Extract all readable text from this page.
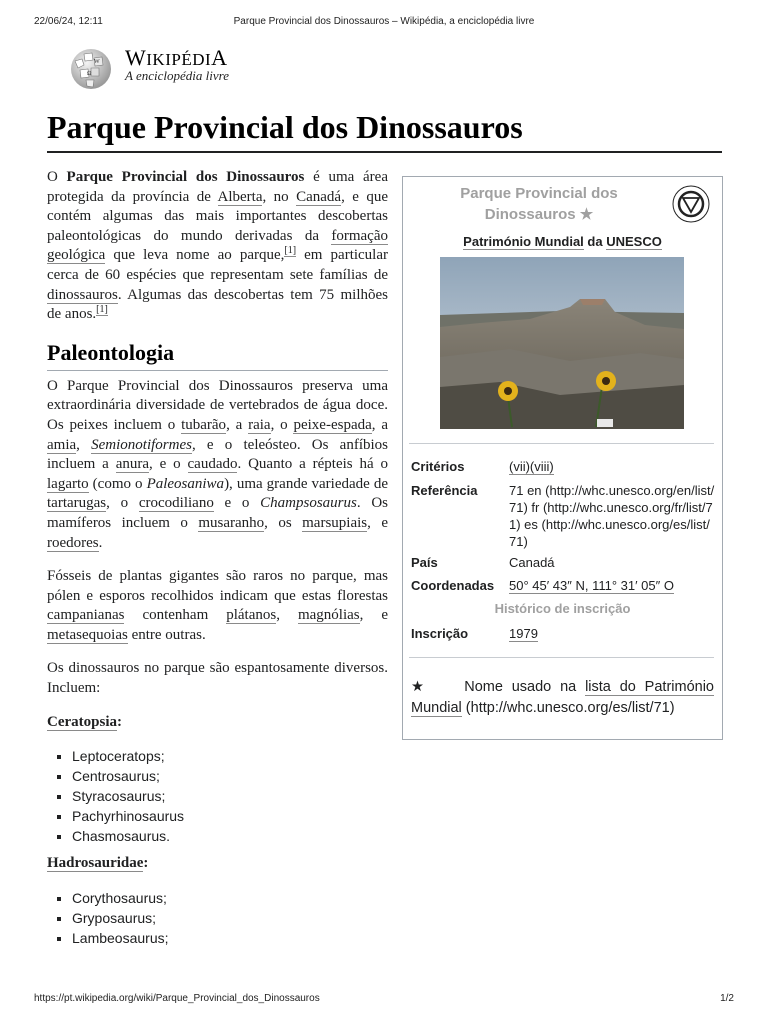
22/06/24, 12:11	Parque Provincial dos Dinossauros – Wikipédia, a enciclopédia livre
Ω
W WIKIPÉDIA
A enciclopédia livre
Parque Provincial dos Dinossauros

O Parque Provincial dos Dinossauros é uma área protegida da província de Alberta, no Canadá, e que contém algumas das mais importantes descobertas paleontológicas do mundo derivadas da formação geológica que leva nome ao parque,[1] em particular cerca de 60 espécies que representam sete famílias de dinossauros. Algumas das descobertas tem 75 milhões de anos.[1]

Paleontologia

O Parque Provincial dos Dinossauros preserva uma extraordinária diversidade de vertebrados de água doce. Os peixes incluem o tubarão, a raia, o peixe-espada, a amia, Semionotiformes, e o teleósteo. Os anfíbios incluem a anura, e o caudado. Quanto a répteis há o lagarto (como o Paleosaniwa), uma grande variedade de tartarugas, o crocodiliano e o Champsosaurus. Os mamíferos incluem o musaranho, os marsupiais, e roedores.

Fósseis de plantas gigantes são raros no parque, mas pólen e esporos recolhidos indicam que estas florestas campanianas contenham plátanos, magnólias, e metasequoias entre outras.

Os dinossauros no parque são espantosamente diversos. Incluem:

Ceratopsia:
▪ Leptoceratops;
▪ Centrosaurus;
▪ Styracosaurus;
▪ Pachyrhinosaurus
▪ Chasmosaurus.
Hadrosauridae:
▪ Corythosaurus;
▪ Gryposaurus;
▪ Lambeosaurus;
Parque Provincial dos Dinossauros ★
Património Mundial da UNESCO
Critérios	(vii)(viii)
Referência	71 en (http://whc.unesco.org/en/list/71) fr (http://whc.unesco.org/fr/list/71) es (http://whc.unesco.org/es/list/71)
País	Canadá
Coordenadas	50° 45′ 43″ N, 111° 31′ 05″ O
Histórico de inscrição
Inscrição	1979
★ Nome usado na lista do Património Mundial (http://whc.unesco.org/es/list/71)
https://pt.wikipedia.org/wiki/Parque_Provincial_dos_Dinossauros	1/2
